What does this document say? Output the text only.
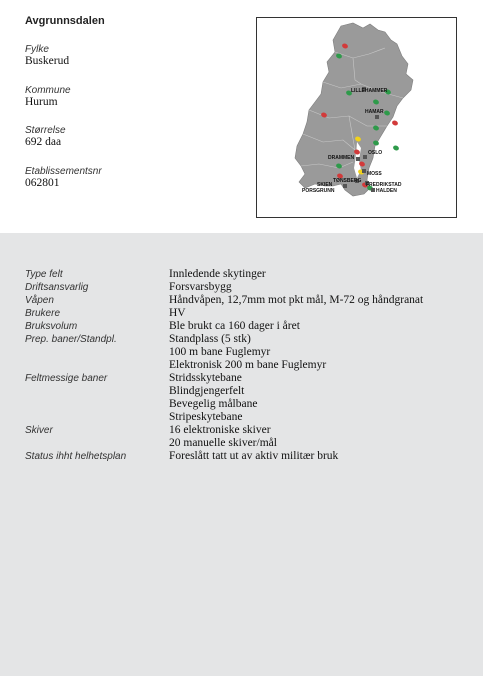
Avgrunnsdalen
Fylke
Buskerud
Kommune
Hurum
Størrelse
692 daa
Etablissementsnr
062801
LILLEHAMMER
HAMAR
OSLO
DRAMMEN
MOSS
TØNSBERG
FREDRIKSTAD
SKIEN
PORSGRUNN	HALDEN
Type felt	Innledende skytinger
Driftsansvarlig	Forsvarsbygg
Våpen	Håndvåpen, 12,7mm mot pkt mål, M-72 og håndgranat
Brukere	HV
Bruksvolum	Ble brukt ca 160 dager i året
Prep. baner/Standpl.	Standplass (5 stk)
100 m bane Fuglemyr
Elektronisk 200 m bane Fuglemyr
Feltmessige baner	Stridsskytebane
Blindgjengerfelt
Bevegelig målbane
Stripeskytebane
Skiver	16 elektroniske skiver
20 manuelle skiver/mål
Status ihht helhetsplan	Foreslått tatt ut av aktiv militær bruk
